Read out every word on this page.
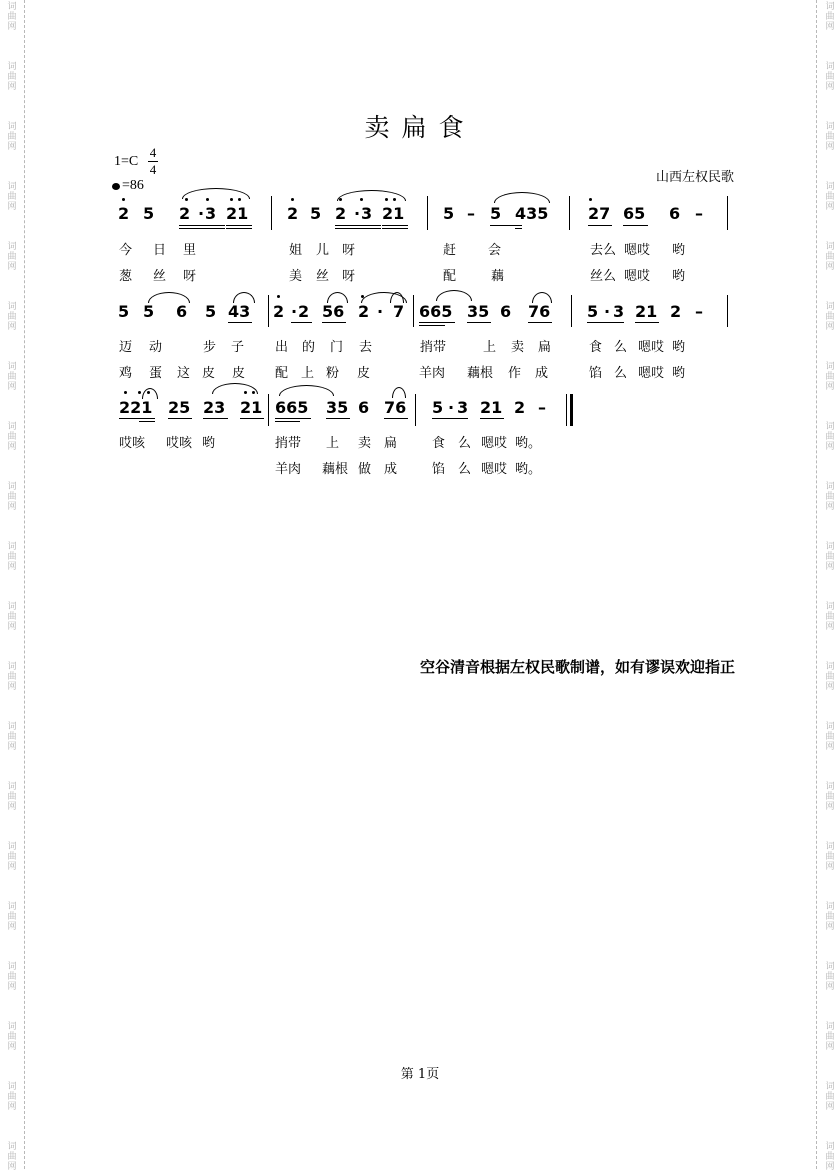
词
曲
网
词
曲
网
词
曲
网
词
曲
网
词
曲
网
词
曲
网
词
曲
网
词
曲
网
词
曲
网
词
曲
网
词
曲
网
词
曲
网
词
曲
网
词
曲
网
词
曲
网
词
曲
网
词
曲
网
词
曲
网
词
曲
网
词
曲
网
词
曲
网
词
曲
网
词
曲
网
词
曲
网
词
曲
网
词
曲
网
词
曲
网
词
曲
网
词
曲
网
词
曲
网
词
曲
网
词
曲
网
词
曲
网
词
曲
网
词
曲
网
词
曲
网
词
曲
网
词
曲
网
词
曲
网
词
曲
网
卖扁食
1=C
4
4
=86
山西左权民歌
2 5 2 · 3 21 2 5 2 · 3 21 5 – 5 435 27 65 6 –
今 日 里	姐 儿 呀	赶 会	去么 嗯哎 哟
葱 丝 呀	美 丝 呀	配	藕	丝么 嗯哎 哟
5 5 6 5 43 2 · 2 56 2 · 7 665 35 6 76 5 · 3 21 2 –
迈 动	步 子 出 的 门 去	捎带	上 卖 扁	食 么 嗯哎 哟
鸡 蛋 这 皮 皮 配 上 粉 皮	羊肉 藕根 作 成	馅 么 嗯哎 哟
221 25 23 21 665 35 6 76 5 · 3 21 2 –
哎咳 哎咳 哟	捎带 上 卖 扁	食 么 嗯哎 哟。
羊肉 藕根 做 成	馅 么 嗯哎 哟。
空谷清音根据左权民歌制谱，如有谬误欢迎指正
第 1页
